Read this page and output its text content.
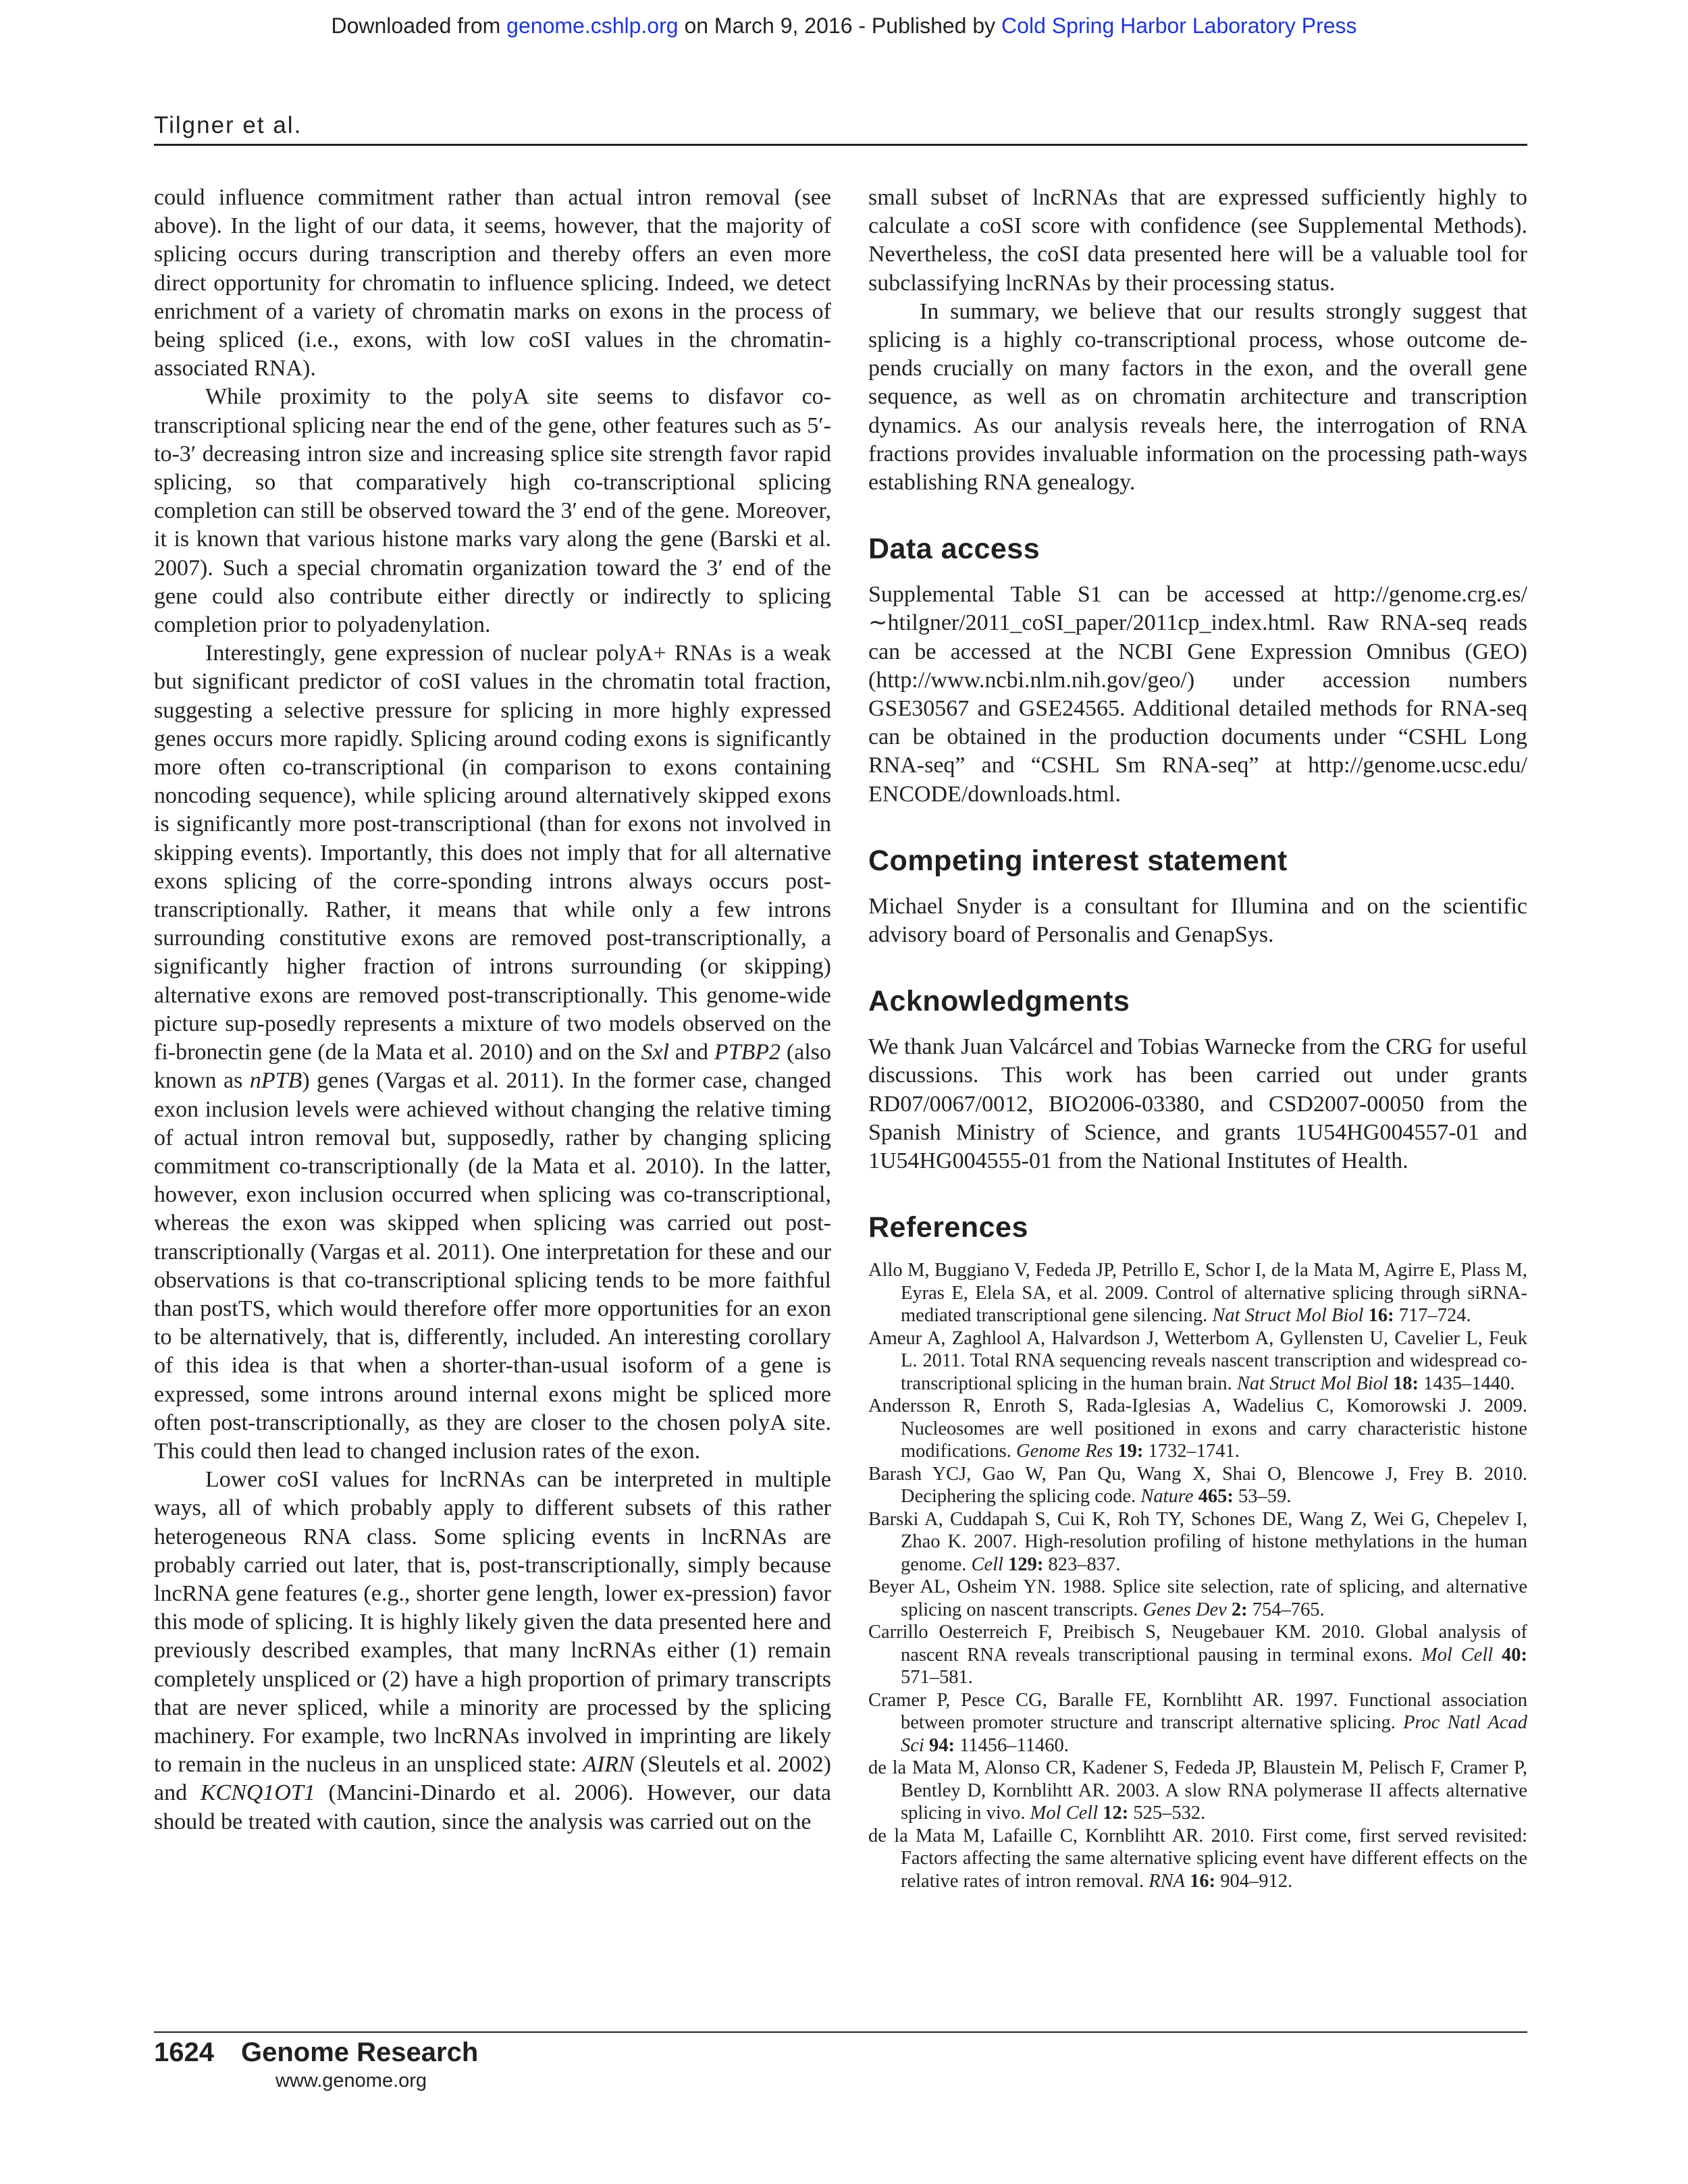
Downloaded from genome.cshlp.org on March 9, 2016 - Published by Cold Spring Harbor Laboratory Press
Tilgner et al.

could influence commitment rather than actual intron removal (see above). In the light of our data, it seems, however, that the majority of splicing occurs during transcription and thereby offers an even more direct opportunity for chromatin to influence splicing. Indeed, we detect enrichment of a variety of chromatin marks on exons in the process of being spliced (i.e., exons, with low coSI values in the chromatin-associated RNA).

While proximity to the polyA site seems to disfavor co-transcriptional splicing near the end of the gene, other features such as 5′-to-3′ decreasing intron size and increasing splice site strength favor rapid splicing, so that comparatively high co-transcriptional splicing completion can still be observed toward the 3′ end of the gene. Moreover, it is known that various histone marks vary along the gene (Barski et al. 2007). Such a special chromatin organization toward the 3′ end of the gene could also contribute either directly or indirectly to splicing completion prior to polyadenylation.

Interestingly, gene expression of nuclear polyA+ RNAs is a weak but significant predictor of coSI values in the chromatin total fraction, suggesting a selective pressure for splicing in more highly expressed genes occurs more rapidly. Splicing around coding exons is significantly more often co-transcriptional (in comparison to exons containing noncoding sequence), while splicing around alternatively skipped exons is significantly more post-transcriptional (than for exons not involved in skipping events). Importantly, this does not imply that for all alternative exons splicing of the corre-sponding introns always occurs post-transcriptionally. Rather, it means that while only a few introns surrounding constitutive exons are removed post-transcriptionally, a significantly higher fraction of introns surrounding (or skipping) alternative exons are removed post-transcriptionally. This genome-wide picture sup-posedly represents a mixture of two models observed on the fi-bronectin gene (de la Mata et al. 2010) and on the Sxl and PTBP2 (also known as nPTB) genes (Vargas et al. 2011). In the former case, changed exon inclusion levels were achieved without changing the relative timing of actual intron removal but, supposedly, rather by changing splicing commitment co-transcriptionally (de la Mata et al. 2010). In the latter, however, exon inclusion occurred when splicing was co-transcriptional, whereas the exon was skipped when splicing was carried out post-transcriptionally (Vargas et al. 2011). One interpretation for these and our observations is that co-transcriptional splicing tends to be more faithful than postTS, which would therefore offer more opportunities for an exon to be alternatively, that is, differently, included. An interesting corollary of this idea is that when a shorter-than-usual isoform of a gene is expressed, some introns around internal exons might be spliced more often post-transcriptionally, as they are closer to the chosen polyA site. This could then lead to changed inclusion rates of the exon.

Lower coSI values for lncRNAs can be interpreted in multiple ways, all of which probably apply to different subsets of this rather heterogeneous RNA class. Some splicing events in lncRNAs are probably carried out later, that is, post-transcriptionally, simply because lncRNA gene features (e.g., shorter gene length, lower ex-pression) favor this mode of splicing. It is highly likely given the data presented here and previously described examples, that many lncRNAs either (1) remain completely unspliced or (2) have a high proportion of primary transcripts that are never spliced, while a minority are processed by the splicing machinery. For example, two lncRNAs involved in imprinting are likely to remain in the nucleus in an unspliced state: AIRN (Sleutels et al. 2002) and KCNQ1OT1 (Mancini-Dinardo et al. 2006). However, our data should be treated with caution, since the analysis was carried out on the

small subset of lncRNAs that are expressed sufficiently highly to calculate a coSI score with confidence (see Supplemental Methods). Nevertheless, the coSI data presented here will be a valuable tool for subclassifying lncRNAs by their processing status.

In summary, we believe that our results strongly suggest that splicing is a highly co-transcriptional process, whose outcome de-pends crucially on many factors in the exon, and the overall gene sequence, as well as on chromatin architecture and transcription dynamics. As our analysis reveals here, the interrogation of RNA fractions provides invaluable information on the processing path-ways establishing RNA genealogy.

Data access

Supplemental Table S1 can be accessed at http://genome.crg.es/ ∼htilgner/2011_coSI_paper/2011cp_index.html. Raw RNA-seq reads can be accessed at the NCBI Gene Expression Omnibus (GEO) (http://www.ncbi.nlm.nih.gov/geo/) under accession numbers GSE30567 and GSE24565. Additional detailed methods for RNA-seq can be obtained in the production documents under “CSHL Long RNA-seq” and “CSHL Sm RNA-seq” at http://genome.ucsc.edu/ ENCODE/downloads.html.

Competing interest statement

Michael Snyder is a consultant for Illumina and on the scientific advisory board of Personalis and GenapSys.

Acknowledgments

We thank Juan Valcárcel and Tobias Warnecke from the CRG for useful discussions. This work has been carried out under grants RD07/0067/0012, BIO2006-03380, and CSD2007-00050 from the Spanish Ministry of Science, and grants 1U54HG004557-01 and 1U54HG004555-01 from the National Institutes of Health.

References
Allo M, Buggiano V, Fededa JP, Petrillo E, Schor I, de la Mata M, Agirre E, Plass M, Eyras E, Elela SA, et al. 2009. Control of alternative splicing through siRNA-mediated transcriptional gene silencing. Nat Struct Mol Biol 16: 717–724.
Ameur A, Zaghlool A, Halvardson J, Wetterbom A, Gyllensten U, Cavelier L, Feuk L. 2011. Total RNA sequencing reveals nascent transcription and widespread co-transcriptional splicing in the human brain. Nat Struct Mol Biol 18: 1435–1440.
Andersson R, Enroth S, Rada-Iglesias A, Wadelius C, Komorowski J. 2009. Nucleosomes are well positioned in exons and carry characteristic histone modifications. Genome Res 19: 1732–1741.
Barash YCJ, Gao W, Pan Qu, Wang X, Shai O, Blencowe J, Frey B. 2010. Deciphering the splicing code. Nature 465: 53–59.
Barski A, Cuddapah S, Cui K, Roh TY, Schones DE, Wang Z, Wei G, Chepelev I, Zhao K. 2007. High-resolution profiling of histone methylations in the human genome. Cell 129: 823–837.
Beyer AL, Osheim YN. 1988. Splice site selection, rate of splicing, and alternative splicing on nascent transcripts. Genes Dev 2: 754–765.
Carrillo Oesterreich F, Preibisch S, Neugebauer KM. 2010. Global analysis of nascent RNA reveals transcriptional pausing in terminal exons. Mol Cell 40: 571–581.
Cramer P, Pesce CG, Baralle FE, Kornblihtt AR. 1997. Functional association between promoter structure and transcript alternative splicing. Proc Natl Acad Sci 94: 11456–11460.
de la Mata M, Alonso CR, Kadener S, Fededa JP, Blaustein M, Pelisch F, Cramer P, Bentley D, Kornblihtt AR. 2003. A slow RNA polymerase II affects alternative splicing in vivo. Mol Cell 12: 525–532.
de la Mata M, Lafaille C, Kornblihtt AR. 2010. First come, first served revisited: Factors affecting the same alternative splicing event have different effects on the relative rates of intron removal. RNA 16: 904–912.
1624 Genome Research
www.genome.org
